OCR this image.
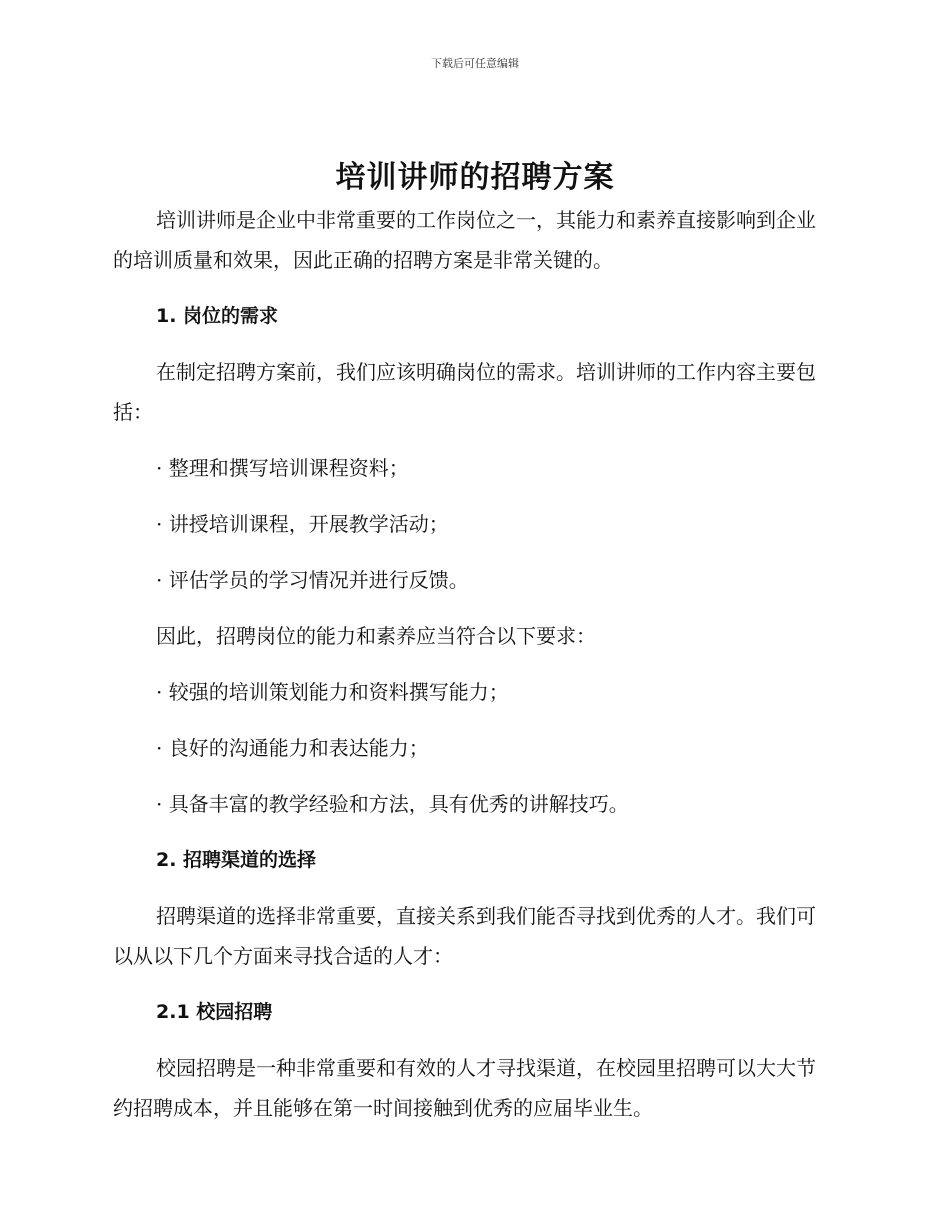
下载后可任意编辑
培训讲师的招聘方案

培训讲师是企业中非常重要的工作岗位之一，其能力和素养直接影响到企业的培训质量和效果，因此正确的招聘方案是非常关键的。

1. 岗位的需求

在制定招聘方案前，我们应该明确岗位的需求。培训讲师的工作内容主要包括：

· 整理和撰写培训课程资料；
· 讲授培训课程，开展教学活动；
· 评估学员的学习情况并进行反馈。

因此，招聘岗位的能力和素养应当符合以下要求：

· 较强的培训策划能力和资料撰写能力；
· 良好的沟通能力和表达能力；
· 具备丰富的教学经验和方法，具有优秀的讲解技巧。
2. 招聘渠道的选择

招聘渠道的选择非常重要，直接关系到我们能否寻找到优秀的人才。我们可以从以下几个方面来寻找合适的人才：

2.1 校园招聘

校园招聘是一种非常重要和有效的人才寻找渠道，在校园里招聘可以大大节约招聘成本，并且能够在第一时间接触到优秀的应届毕业生。
